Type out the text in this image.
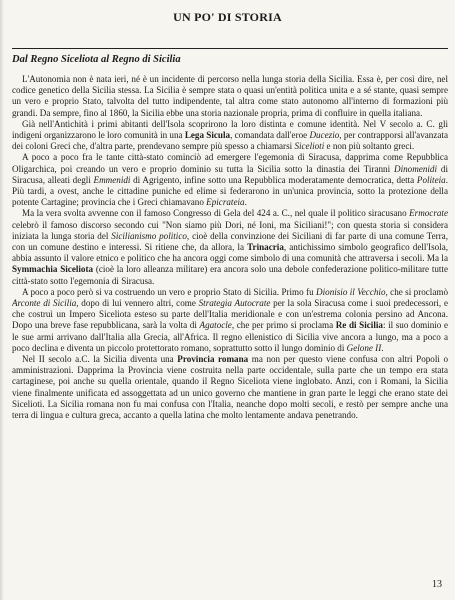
UN PO' DI STORIA
Dal Regno Siceliota al Regno di Sicilia

L'Autonomia non è nata ieri, né è un incidente di percorso nella lunga storia della Sicilia. Essa è, per così dire, nel codice genetico della Sicilia stessa. La Sicilia è sempre stata o quasi un'entità politica unita e a sé stante, quasi sempre un vero e proprio Stato, talvolta del tutto indipendente, tal altra come stato autonomo all'interno di formazioni più grandi. Da sempre, fino al 1860, la Sicilia ebbe una storia nazionale propria, prima di confluire in quella italiana.

Già nell'Antichità i primi abitanti dell'Isola scoprirono la loro distinta e comune identità. Nel V secolo a. C. gli indigeni organizzarono le loro comunità in una Lega Sicula, comandata dall'eroe Ducezio, per contrapporsi all'avanzata dei coloni Greci che, d'altra parte, prendevano sempre più spesso a chiamarsi Sicelioti e non più soltanto greci.

A poco a poco fra le tante città-stato cominciò ad emergere l'egemonia di Siracusa, dapprima come Repubblica Oligarchica, poi creando un vero e proprio dominio su tutta la Sicilia sotto la dinastia dei Tiranni Dinomenidi di Siracusa, alleati degli Emmenidi di Agrigento, infine sotto una Repubblica moderatamente democratica, detta Politeia. Più tardi, a ovest, anche le cittadine puniche ed elime si federarono in un'unica provincia, sotto la protezione della potente Cartagine; provincia che i Greci chiamavano Epicrateia.

Ma la vera svolta avvenne con il famoso Congresso di Gela del 424 a. C., nel quale il politico siracusano Ermocrate celebrò il famoso discorso secondo cui "Non siamo più Dori, né Ioni, ma Siciliani!"; con questa storia si considera iniziata la lunga storia del Sicilianismo politico, cioè della convinzione dei Siciliani di far parte di una comune Terra, con un comune destino e interessi. Si ritiene che, da allora, la Trinacria, antichissimo simbolo geografico dell'Isola, abbia assunto il valore etnico e politico che ha ancora oggi come simbolo di una comunità che attraversa i secoli. Ma la Symmachia Siceliota (cioè la loro alleanza militare) era ancora solo una debole confederazione politico-militare tutte città-stato sotto l'egemonia di Siracusa.

A poco a poco però si va costruendo un vero e proprio Stato di Sicilia. Primo fu Dionisio il Vecchio, che si proclamò Arconte di Sicilia, dopo di lui vennero altri, come Strategia Autocrate per la sola Siracusa come i suoi predecessori, e che costruì un Impero Siceliota esteso su parte dell'Italia meridionale e con un'estrema colonia persino ad Ancona. Dopo una breve fase repubblicana, sarà la volta di Agatocle, che per primo si proclama Re di Sicilia: il suo dominio e le sue armi arrivano dall'Italia alla Grecia, all'Africa. Il regno ellenistico di Sicilia vive ancora a lungo, ma a poco a poco declina e diventa un piccolo protettorato romano, soprattutto sotto il lungo dominio di Gelone II.

Nel II secolo a.C. la Sicilia diventa una Provincia romana ma non per questo viene confusa con altri Popoli o amministrazioni. Dapprima la Provincia viene costruita nella parte occidentale, sulla parte che un tempo era stata cartaginese, poi anche su quella orientale, quando il Regno Siceliota viene inglobato. Anzi, con i Romani, la Sicilia viene finalmente unificata ed assoggettata ad un unico governo che mantiene in gran parte le leggi che erano state dei Sicelioti. La Sicilia romana non fu mai confusa con l'Italia, neanche dopo molti secoli, e restò per sempre anche una terra di lingua e cultura greca, accanto a quella latina che molto lentamente andava penetrando.

13
